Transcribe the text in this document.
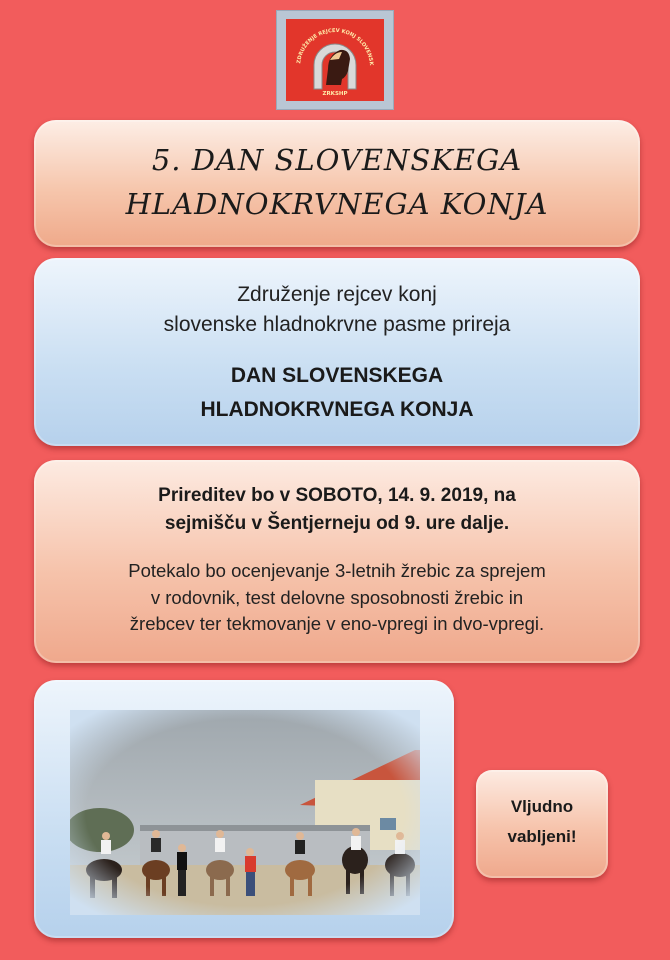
ZDRUŽENJE REJCEV KONJ SLOVENSK
ZRKSHP
5. DAN SLOVENSKEGA
HLADNOKRVNEGA KONJA
Združenje rejcev konj
slovenske hladnokrvne pasme prireja
DAN SLOVENSKEGA
HLADNOKRVNEGA KONJA
Prireditev bo v SOBOTO, 14. 9. 2019, na
sejmišču v Šentjerneju od 9. ure dalje.
Potekalo bo ocenjevanje 3-letnih žrebic za sprejem
v rodovnik, test delovne sposobnosti žrebic in
žrebcev ter tekmovanje v eno-vpregi in dvo-vpregi.
Vljudno
vabljeni!
